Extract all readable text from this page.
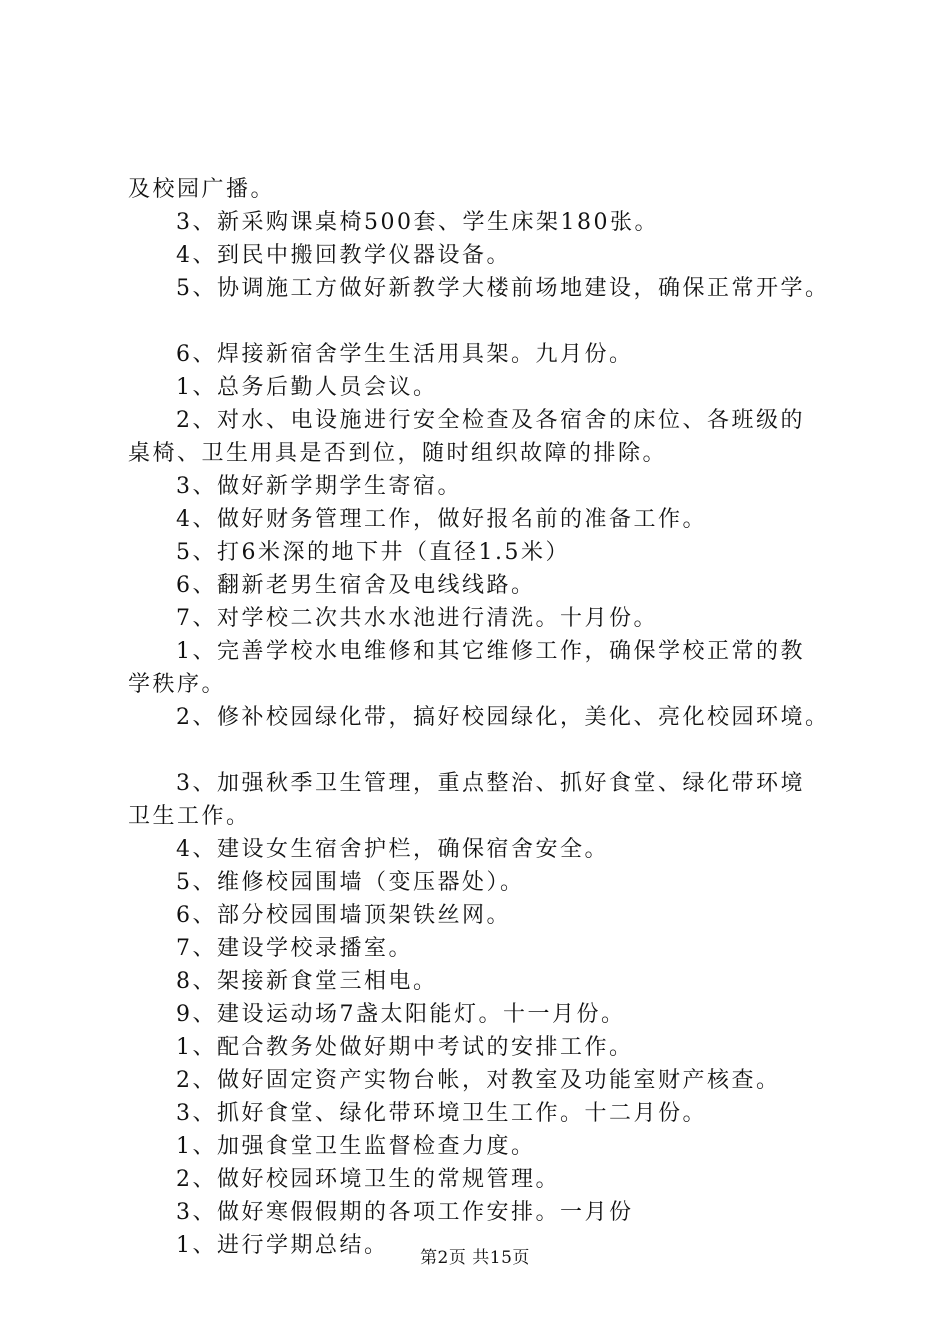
及校园广播。
3、新采购课桌椅500套、学生床架180张。
4、到民中搬回教学仪器设备。
5、协调施工方做好新教学大楼前场地建设，确保正常开学。
6、焊接新宿舍学生生活用具架。九月份。
1、总务后勤人员会议。
2、对水、电设施进行安全检查及各宿舍的床位、各班级的
桌椅、卫生用具是否到位，随时组织故障的排除。
3、做好新学期学生寄宿。
4、做好财务管理工作，做好报名前的准备工作。
5、打6米深的地下井（直径1.5米）
6、翻新老男生宿舍及电线线路。
7、对学校二次共水水池进行清洗。十月份。
1、完善学校水电维修和其它维修工作，确保学校正常的教
学秩序。
2、修补校园绿化带，搞好校园绿化，美化、亮化校园环境。
3、加强秋季卫生管理，重点整治、抓好食堂、绿化带环境
卫生工作。
4、建设女生宿舍护栏，确保宿舍安全。
5、维修校园围墙（变压器处）。
6、部分校园围墙顶架铁丝网。
7、建设学校录播室。
8、架接新食堂三相电。
9、建设运动场7盏太阳能灯。十一月份。
1、配合教务处做好期中考试的安排工作。
2、做好固定资产实物台帐，对教室及功能室财产核查。
3、抓好食堂、绿化带环境卫生工作。十二月份。
1、加强食堂卫生监督检查力度。
2、做好校园环境卫生的常规管理。
3、做好寒假假期的各项工作安排。一月份
1、进行学期总结。	第2页 共15页
